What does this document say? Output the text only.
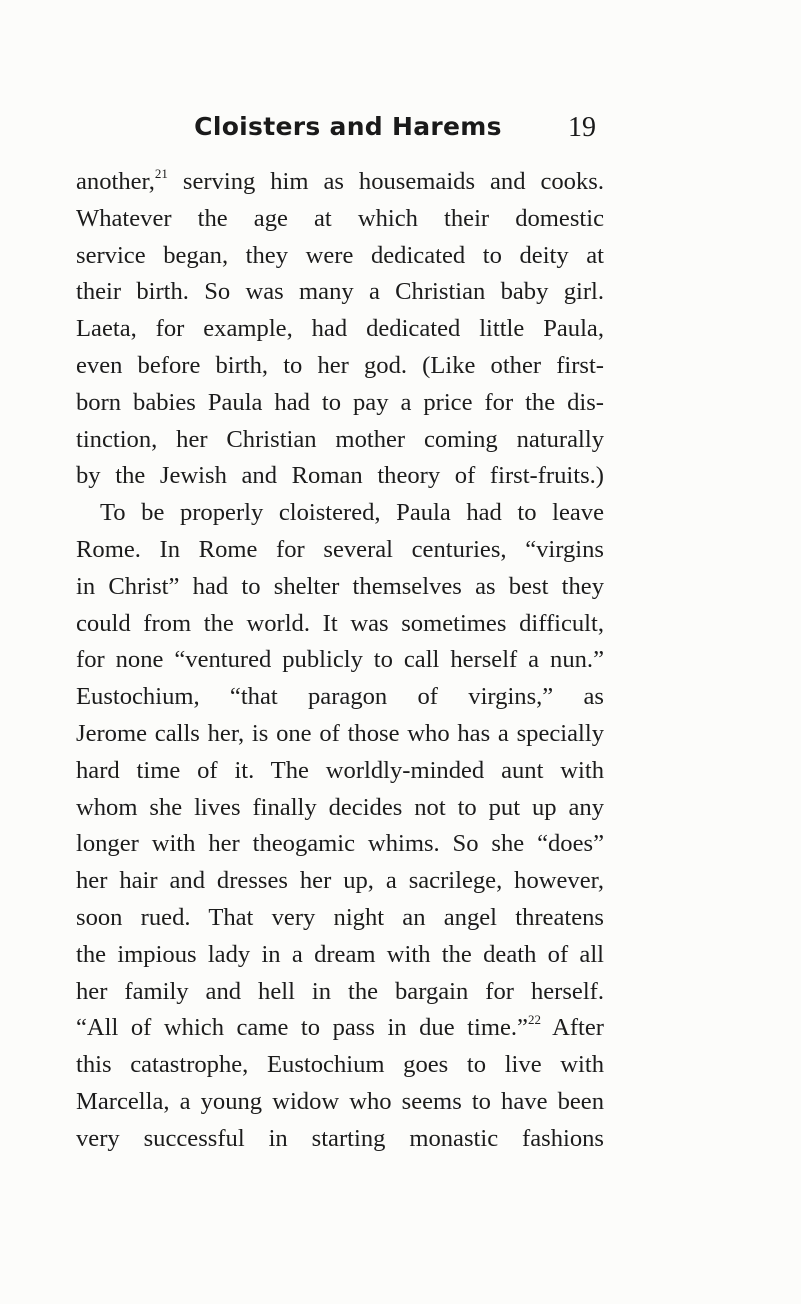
Cloisters and Harems	19
another,$^{21}$ serving him as housemaids and cooks.
Whatever the age at which their domestic
service began, they were dedicated to deity at
their birth. So was many a Christian baby girl.
Laeta, for example, had dedicated little Paula,
even before birth, to her god. (Like other first-
born babies Paula had to pay a price for the dis-
tinction, her Christian mother coming naturally
by the Jewish and Roman theory of first-fruits.)
To be properly cloistered, Paula had to leave
Rome. In Rome for several centuries, “virgins
in Christ” had to shelter themselves as best they
could from the world. It was sometimes difficult,
for none “ventured publicly to call herself a nun.”
Eustochium, “that paragon of virgins,” as
Jerome calls her, is one of those who has a specially
hard time of it. The worldly-minded aunt with
whom she lives finally decides not to put up any
longer with her theogamic whims. So she “does”
her hair and dresses her up, a sacrilege, however,
soon rued. That very night an angel threatens
the impious lady in a dream with the death of all
her family and hell in the bargain for herself.
“All of which came to pass in due time.”$^{22}$ After
this catastrophe, Eustochium goes to live with
Marcella, a young widow who seems to have been
very successful in starting monastic fashions
